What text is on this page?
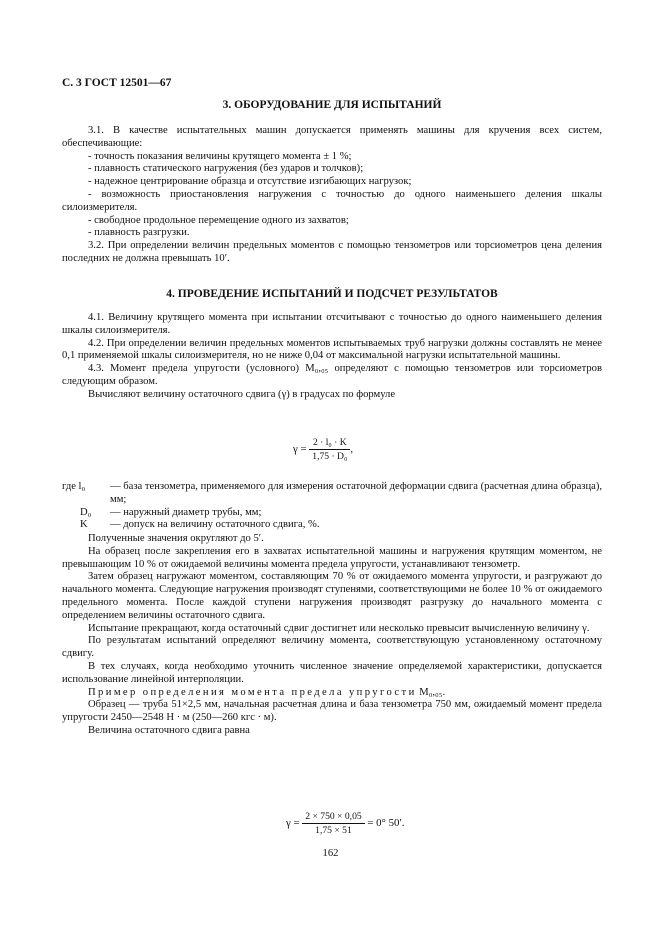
С. 3 ГОСТ 12501—67
3. ОБОРУДОВАНИЕ ДЛЯ ИСПЫТАНИЙ

3.1. В качестве испытательных машин допускается применять машины для кручения всех систем, обеспечивающие:

- точность показания величины крутящего момента ± 1 %;

- плавность статического нагружения (без ударов и толчков);

- надежное центрирование образца и отсутствие изгибающих нагрузок;

- возможность приостановления нагружения с точностью до одного наименьшего деления шкалы силоизмерителя.

- свободное продольное перемещение одного из захватов;

- плавность разгрузки.

3.2. При определении величин предельных моментов с помощью тензометров или торсиометров цена деления последних не должна превышать 10ʹ.

4. ПРОВЕДЕНИЕ ИСПЫТАНИЙ И ПОДСЧЕТ РЕЗУЛЬТАТОВ

4.1. Величину крутящего момента при испытании отсчитывают с точностью до одного наименьшего деления шкалы силоизмерителя.

4.2. При определении величин предельных моментов испытываемых труб нагрузки должны составлять не менее 0,1 применяемой шкалы силоизмерителя, но не ниже 0,04 от максимальной нагрузки испытательной машины.

4.3. Момент предела упругости (условного) M₀,₀₅ определяют с помощью тензометров или торсиометров следующим образом.

Вычисляют величину остаточного сдвига (γ) в градусах по формуле

$\gamma = \frac{\text{2 · l₀ · K}}{\text{1,75 · D₀}}$ ,
где l₀	— база тензометра, применяемого для измерения остаточной деформации сдвига (расчетная длина образца), мм;
D₀	— наружный диаметр трубы, мм;
K	— допуск на величину остаточного сдвига, %.

Полученные значения округляют до 5ʹ.

На образец после закрепления его в захватах испытательной машины и нагружения крутящим моментом, не превышающим 10 % от ожидаемой величины момента предела упругости, устанавливают тензометр.

Затем образец нагружают моментом, составляющим 70 % от ожидаемого момента упругости, и разгружают до начального момента. Следующие нагружения производят ступенями, соответствующими не более 10 % от ожидаемого предельного момента. После каждой ступени нагружения производят разгрузку до начального момента с определением величины остаточного сдвига.

Испытание прекращают, когда остаточный сдвиг достигнет или несколько превысит вычисленную величину γ.

По результатам испытаний определяют величину момента, соответствующую установленному остаточному сдвигу.

В тех случаях, когда необходимо уточнить численное значение определяемой характеристики, допускается использование линейной интерполяции.

Пример определения момента предела упругости M₀,₀₅.

Образец — труба 51×2,5 мм, начальная расчетная длина и база тензометра 750 мм, ожидаемый момент предела упругости 2450—2548 Н · м (250—260 кгс · м).

Величина остаточного сдвига равна

$\gamma = \frac{2 \times 750 \times 0,05}{1,75 \times 51} = 0^\circ$ 50ʹ.
162
